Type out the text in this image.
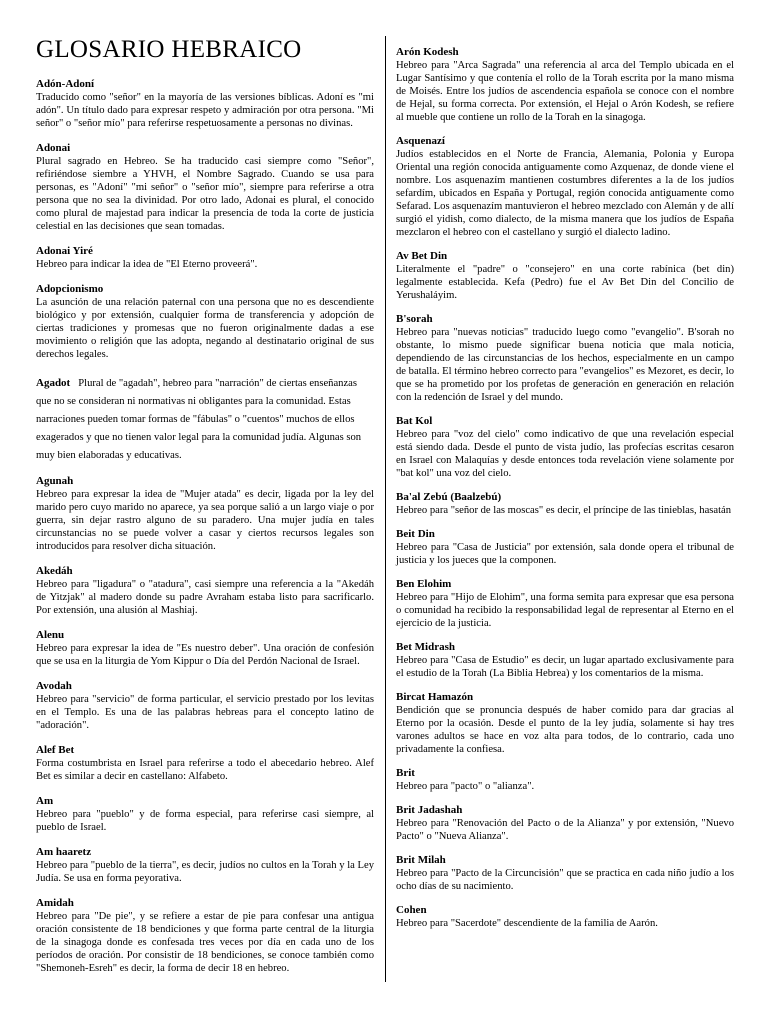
GLOSARIO HEBRAICO
Adón-Adoní
Traducido como "señor" en la mayoría de las versiones bíblicas. Adoní es "mi adón". Un título dado para expresar respeto y admiración por otra persona. "Mi señor" o "señor mío" para referirse respetuosamente a personas no divinas.
Adonai
Plural sagrado en Hebreo. Se ha traducido casi siempre como "Señor", refiriéndose siembre a YHVH, el Nombre Sagrado. Cuando se usa para personas, es "Adoní" "mi señor" o "señor mío", siempre para referirse a otra persona que no sea la divinidad. Por otro lado, Adonai es plural, el conocido como plural de majestad para indicar la presencia de toda la corte de justicia celestial en las decisiones que sean tomadas.
Adonai Yiré
Hebreo para indicar la idea de "El Eterno proveerá".
Adopcionismo
La asunción de una relación paternal con una persona que no es descendiente biológico y por extensión, cualquier forma de transferencia y adopción de ciertas tradiciones y promesas que no fueron originalmente dadas a ese movimiento o religión que las adopta, negando al destinatario original de sus derechos legales.
Agadot Plural de "agadah", hebreo para "narración" de ciertas enseñanzas que no se consideran ni normativas ni obligantes para la comunidad. Estas narraciones pueden tomar formas de "fábulas" o "cuentos" muchos de ellos exagerados y que no tienen valor legal para la comunidad judía. Algunas son muy bien elaboradas y educativas.
Agunah
Hebreo para expresar la idea de "Mujer atada" es decir, ligada por la ley del marido pero cuyo marido no aparece, ya sea porque salió a un largo viaje o por guerra, sin dejar rastro alguno de su paradero. Una mujer judía en tales circunstancias no se puede volver a casar y ciertos recursos legales son introducidos para resolver dicha situación.
Akedáh
Hebreo para "ligadura" o "atadura", casi siempre una referencia a la "Akedáh de Yitzjak" al madero donde su padre Avraham estaba listo para sacrificarlo. Por extensión, una alusión al Mashiaj.
Alenu
Hebreo para expresar la idea de "Es nuestro deber". Una oración de confesión que se usa en la liturgia de Yom Kippur o Día del Perdón Nacional de Israel.
Avodah
Hebreo para "servicio" de forma particular, el servicio prestado por los levitas en el Templo. Es una de las palabras hebreas para el concepto latino de "adoración".
Alef Bet
Forma costumbrista en Israel para referirse a todo el abecedario hebreo. Alef Bet es similar a decir en castellano: Alfabeto.
Am
Hebreo para "pueblo" y de forma especial, para referirse casi siempre, al pueblo de Israel.
Am haaretz
Hebreo para "pueblo de la tierra", es decir, judíos no cultos en la Torah y la Ley Judía. Se usa en forma peyorativa.
Amidah
Hebreo para "De pie", y se refiere a estar de pie para confesar una antigua oración consistente de 18 bendiciones y que forma parte central de la liturgia de la sinagoga donde es confesada tres veces por día en cada uno de los períodos de oración. Por consistir de 18 bendiciones, se conoce también como "Shemoneh-Esreh" es decir, la forma de decir 18 en hebreo.
Arón Kodesh
Hebreo para "Arca Sagrada" una referencia al arca del Templo ubicada en el Lugar Santísimo y que contenía el rollo de la Torah escrita por la mano misma de Moisés. Entre los judíos de ascendencia española se conoce con el nombre de Hejal, su forma correcta. Por extensión, el Hejal o Arón Kodesh, se refiere al mueble que contiene un rollo de la Torah en la sinagoga.
Asquenazí
Judíos establecidos en el Norte de Francia, Alemania, Polonia y Europa Oriental una región conocida antiguamente como Azquenaz, de donde viene el nombre. Los asquenazím mantienen costumbres diferentes a la de los judíos sefardím, ubicados en España y Portugal, región conocida antiguamente como Sefarad. Los asquenazím mantuvieron el hebreo mezclado con Alemán y de allí surgió el yidish, como dialecto, de la misma manera que los judíos de España mezclaron el hebreo con el castellano y surgió el dialecto ladino.
Av Bet Din
Literalmente el "padre" o "consejero" en una corte rabínica (bet din) legalmente establecida. Kefa (Pedro) fue el Av Bet Din del Concilio de Yerushaláyim.
B'sorah
Hebreo para "nuevas noticias" traducido luego como "evangelio". B'sorah no obstante, lo mismo puede significar buena noticia que mala noticia, dependiendo de las circunstancias de los hechos, especialmente en un campo de batalla. El término hebreo correcto para "evangelios" es Mezoret, es decir, lo que se ha prometido por los profetas de generación en generación en relación con la redención de Israel y del mundo.
Bat Kol
Hebreo para "voz del cielo" como indicativo de que una revelación especial está siendo dada. Desde el punto de vista judío, las profecías escritas cesaron en Israel con Malaquías y desde entonces toda revelación viene solamente por "bat kol" una voz del cielo.
Ba'al Zebú (Baalzebú)
Hebreo para "señor de las moscas" es decir, el príncipe de las tinieblas, hasatán
Beit Din
Hebreo para "Casa de Justicia" por extensión, sala donde opera el tribunal de justicia y los jueces que la componen.
Ben Elohim
Hebreo para "Hijo de Elohim", una forma semita para expresar que esa persona o comunidad ha recibido la responsabilidad legal de representar al Eterno en el ejercicio de la justicia.
Bet Midrash
Hebreo para "Casa de Estudio" es decir, un lugar apartado exclusivamente para el estudio de la Torah (La Biblia Hebrea) y los comentarios de la misma.
Bircat Hamazón
Bendición que se pronuncia después de haber comido para dar gracias al Eterno por la ocasión. Desde el punto de la ley judía, solamente si hay tres varones adultos se hace en voz alta para todos, de lo contrario, cada uno privadamente la confiesa.
Brit
Hebreo para "pacto" o "alianza".
Brit Jadashah
Hebreo para "Renovación del Pacto o de la Alianza" y por extensión, "Nuevo Pacto" o "Nueva Alianza".
Brit Milah
Hebreo para "Pacto de la Circuncisión" que se practica en cada niño judío a los ocho días de su nacimiento.
Cohen
Hebreo para "Sacerdote" descendiente de la familia de Aarón.
